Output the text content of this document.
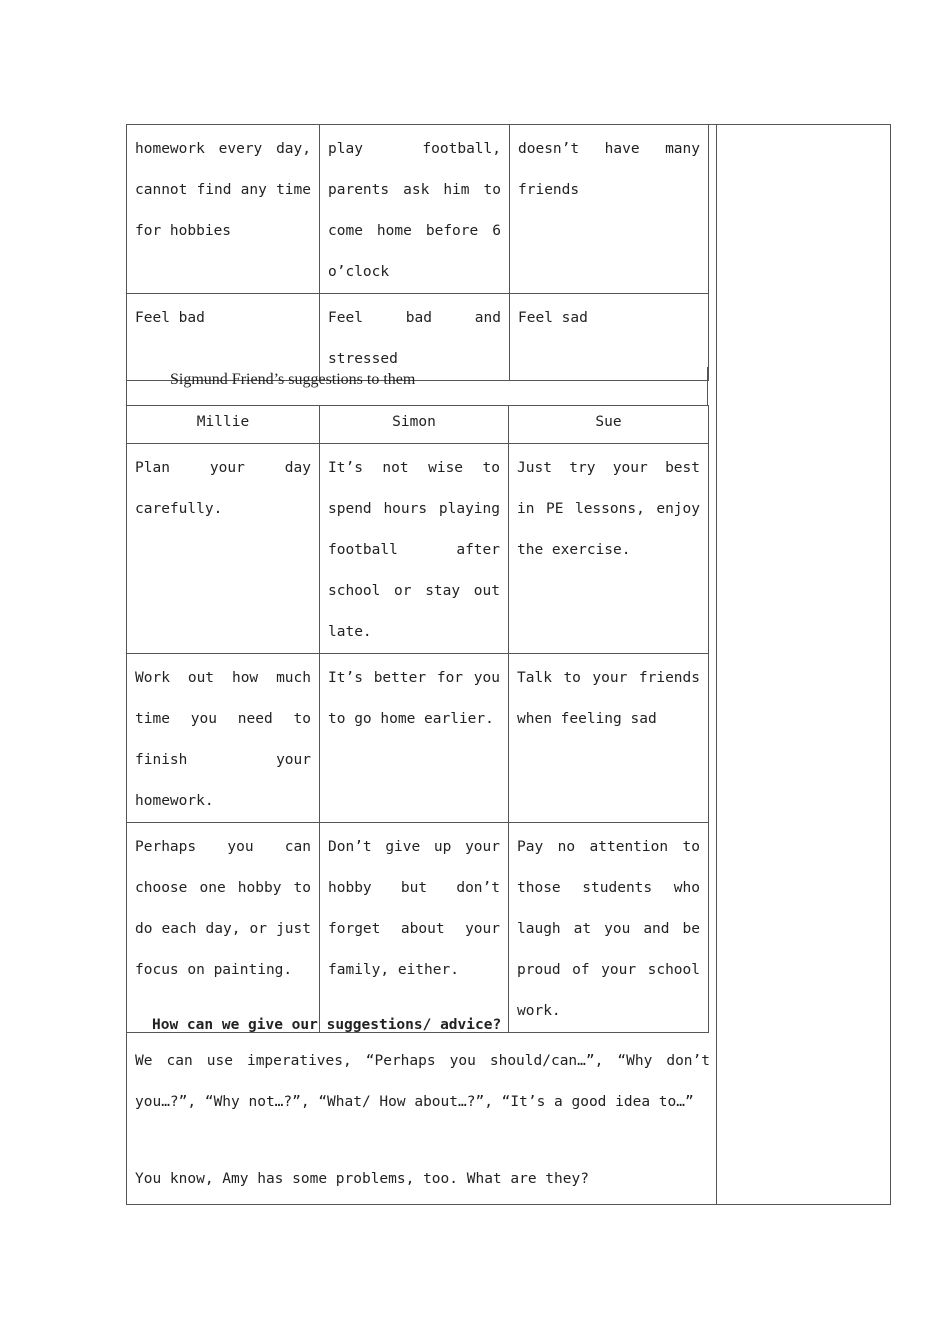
homework every day, cannot find any time for hobbies	play football, parents ask him to come home before 6 o’clock	doesn’t have many friends
Feel bad	Feel bad and stressed	Feel sad
Sigmund Friend’s suggestions to them
Millie	Simon	Sue
Plan your day carefully.	It’s not wise to spend hours playing football after school or stay out late.	Just try your best in PE lessons, enjoy the exercise.
Work out how much time you need to finish your homework.	It’s better for you to go home earlier.	Talk to your friends when feeling sad
Perhaps you can choose one hobby to do each day, or just focus on painting.	Don’t give up your hobby but don’t forget about your family, either.	Pay no attention to those students who laugh at you and be proud of your school work.
How can we give our suggestions/ advice?
We can use imperatives, “Perhaps you should/can…”, “Why don’t you…?”, “Why not…?”, “What/ How about…?”, “It’s a good idea to…”
You know, Amy has some problems, too. What are they?
